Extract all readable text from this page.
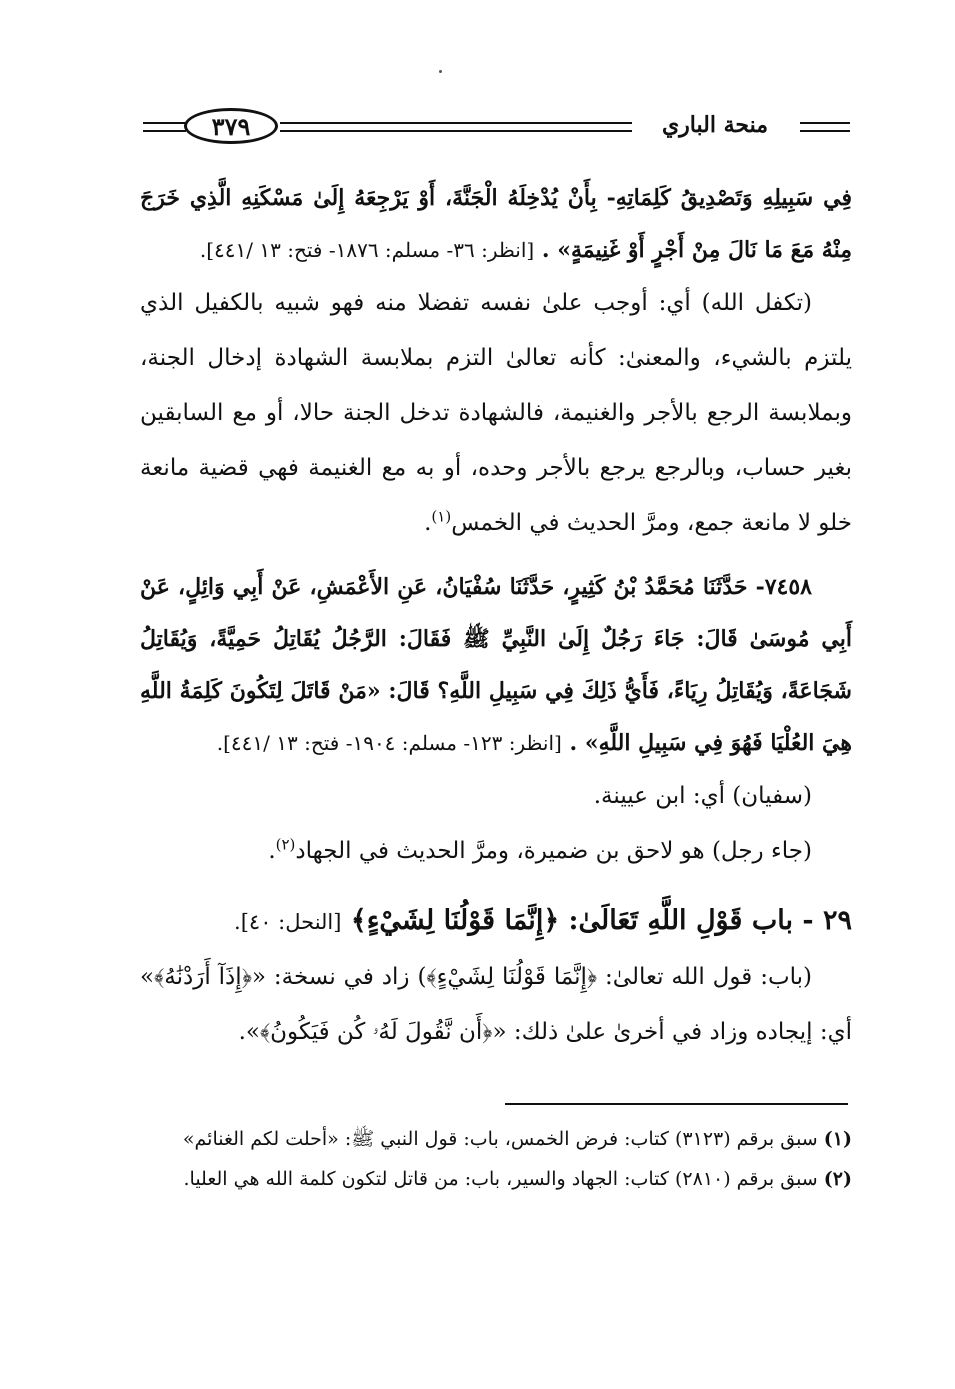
منحة الباري
٣٧٩

فِي سَبِيلِهِ وَتَصْدِيقُ كَلِمَاتِهِ- بِأَنْ يُدْخِلَهُ الْجَنَّةَ، أَوْ يَرْجِعَهُ إِلَىٰ مَسْكَنِهِ الَّذِي خَرَجَ مِنْهُ مَعَ مَا نَالَ مِنْ أَجْرٍ أَوْ غَنِيمَةٍ» . [انظر: ٣٦- مسلم: ١٨٧٦- فتح: ١٣ /٤٤١].

(تكفل الله) أي: أوجب علىٰ نفسه تفضلا منه فهو شبيه بالكفيل الذي يلتزم بالشيء، والمعنىٰ: كأنه تعالىٰ التزم بملابسة الشهادة إدخال الجنة، وبملابسة الرجع بالأجر والغنيمة، فالشهادة تدخل الجنة حالا، أو مع السابقين بغير حساب، وبالرجع يرجع بالأجر وحده، أو به مع الغنيمة فهي قضية مانعة خلو لا مانعة جمع، ومرَّ الحديث في الخمس$^{(١)}$.

٧٤٥٨- حَدَّثَنَا مُحَمَّدُ بْنُ كَثِيرٍ، حَدَّثَنَا سُفْيَانُ، عَنِ الأَعْمَشِ، عَنْ أَبِي وَائِلٍ، عَنْ أَبِي مُوسَىٰ قَالَ: جَاءَ رَجُلٌ إِلَىٰ النَّبِيِّ ﷺ فَقَالَ: الرَّجُلُ يُقَاتِلُ حَمِيَّةً، وَيُقَاتِلُ شَجَاعَةً، وَيُقَاتِلُ رِيَاءً، فَأَيُّ ذَلِكَ فِي سَبِيلِ اللَّهِ؟ قَالَ: «مَنْ قَاتَلَ لِتَكُونَ كَلِمَةُ اللَّهِ هِيَ العُلْيَا فَهُوَ فِي سَبِيلِ اللَّهِ» . [انظر: ١٢٣- مسلم: ١٩٠٤- فتح: ١٣ /٤٤١].

(سفيان) أي: ابن عيينة.

(جاء رجل) هو لاحق بن ضميرة، ومرَّ الحديث في الجهاد$^{(٢)}$.

٢٩ - باب قَوْلِ اللَّهِ تَعَالَىٰ: ﴿إِنَّمَا قَوْلُنَا لِشَيْءٍ﴾ [النحل: ٤٠].

(باب: قول الله تعالىٰ: ﴿إِنَّمَا قَوْلُنَا لِشَيْءٍ﴾) زاد في نسخة: «﴿إِذَآ أَرَدْنَٰهُ﴾» أي: إيجاده وزاد في أخرىٰ علىٰ ذلك: «﴿أَن نَّقُولَ لَهُۥ كُن فَيَكُونُ﴾».

(١) سبق برقم (٣١٢٣) كتاب: فرض الخمس، باب: قول النبي ﷺ: «أحلت لكم الغنائم»

(٢) سبق برقم (٢٨١٠) كتاب: الجهاد والسير، باب: من قاتل لتكون كلمة الله هي العليا.
